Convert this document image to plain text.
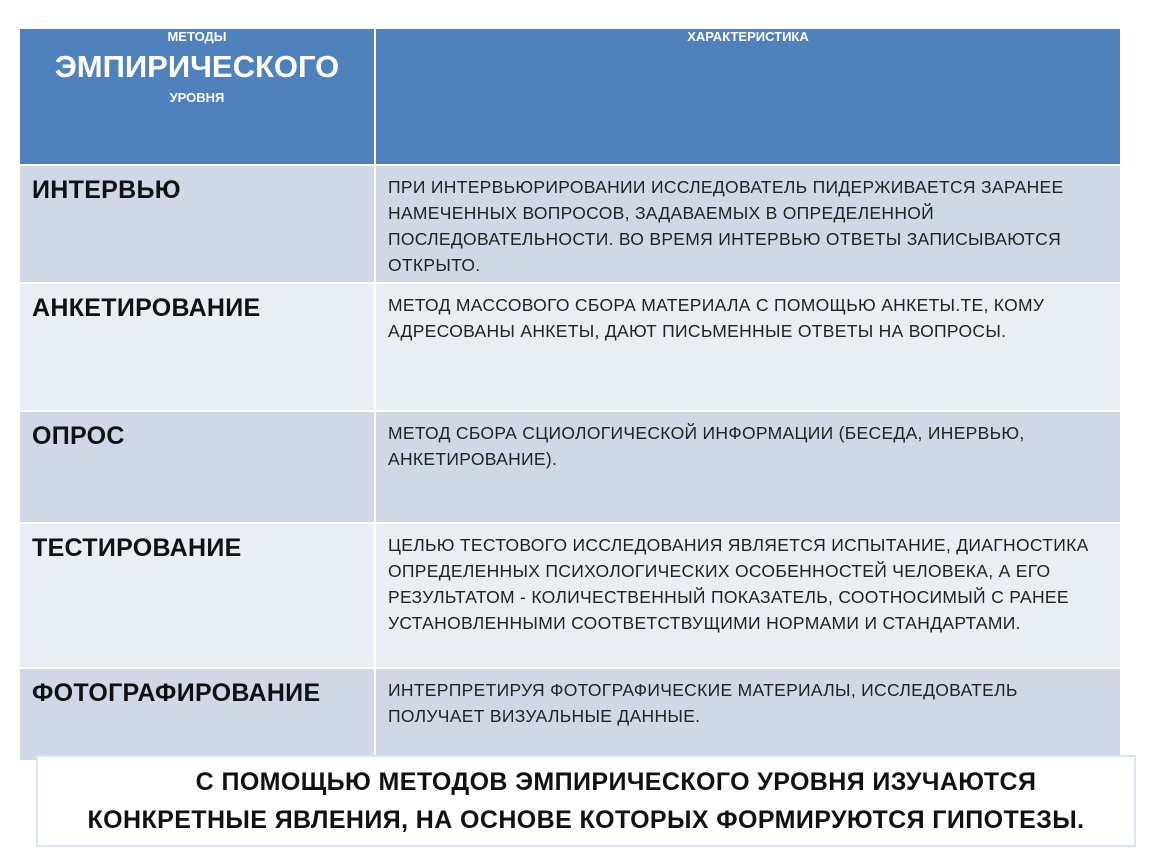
МЕТОДЫ
ЭМПИРИЧЕСКОГО
УРОВНЯ	ХАРАКТЕРИСТИКА
ИНТЕРВЬЮ	ПРИ ИНТЕРВЬЮРИРОВАНИИ ИССЛЕДОВАТЕЛЬ ПИДЕРЖИВАЕТСЯ ЗАРАНЕЕ НАМЕЧЕННЫХ ВОПРОСОВ, ЗАДАВАЕМЫХ В ОПРЕДЕЛЕННОЙ ПОСЛЕДОВАТЕЛЬНОСТИ. ВО ВРЕМЯ ИНТЕРВЬЮ ОТВЕТЫ ЗАПИСЫВАЮТСЯ ОТКРЫТО.
АНКЕТИРОВАНИЕ	МЕТОД МАССОВОГО СБОРА МАТЕРИАЛА С ПОМОЩЬЮ АНКЕТЫ.ТЕ, КОМУ АДРЕСОВАНЫ АНКЕТЫ, ДАЮТ ПИСЬМЕННЫЕ ОТВЕТЫ НА ВОПРОСЫ.
ОПРОС	МЕТОД СБОРА СЦИОЛОГИЧЕСКОЙ ИНФОРМАЦИИ (БЕСЕДА, ИНЕРВЬЮ, АНКЕТИРОВАНИЕ).
ТЕСТИРОВАНИЕ	ЦЕЛЬЮ ТЕСТОВОГО ИССЛЕДОВАНИЯ ЯВЛЯЕТСЯ ИСПЫТАНИЕ, ДИАГНОСТИКА ОПРЕДЕЛЕННЫХ ПСИХОЛОГИЧЕСКИХ ОСОБЕННОСТЕЙ ЧЕЛОВЕКА, А ЕГО РЕЗУЛЬТАТОМ - КОЛИЧЕСТВЕННЫЙ ПОКАЗАТЕЛЬ, СООТНОСИМЫЙ С РАНЕЕ УСТАНОВЛЕННЫМИ СООТВЕТСТВУЩИМИ НОРМАМИ И СТАНДАРТАМИ.
ФОТОГРАФИРОВАНИЕ	ИНТЕРПРЕТИРУЯ ФОТОГРАФИЧЕСКИЕ МАТЕРИАЛЫ, ИССЛЕДОВАТЕЛЬ ПОЛУЧАЕТ ВИЗУАЛЬНЫЕ ДАННЫЕ.
С ПОМОЩЬЮ МЕТОДОВ ЭМПИРИЧЕСКОГО УРОВНЯ ИЗУЧАЮТСЯ
КОНКРЕТНЫЕ ЯВЛЕНИЯ, НА ОСНОВЕ КОТОРЫХ ФОРМИРУЮТСЯ ГИПОТЕЗЫ.
